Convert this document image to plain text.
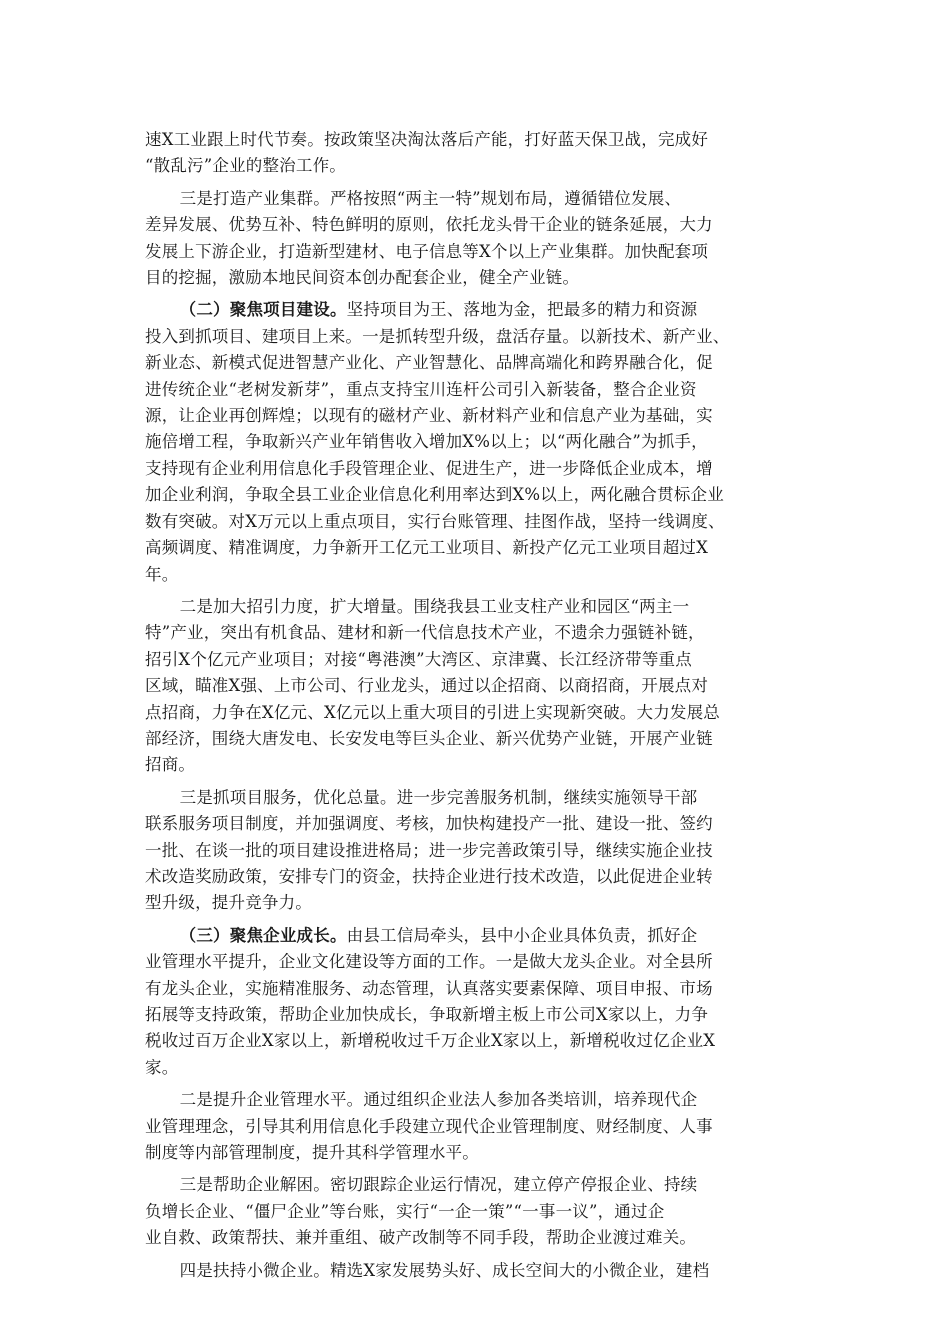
速X工业跟上时代节奏。按政策坚决淘汰落后产能，打好蓝天保卫战，完成好
“散乱污”企业的整治工作。

三是打造产业集群。严格按照“两主一特”规划布局，遵循错位发展、
差异发展、优势互补、特色鲜明的原则，依托龙头骨干企业的链条延展，大力
发展上下游企业，打造新型建材、电子信息等X个以上产业集群。加快配套项
目的挖掘，激励本地民间资本创办配套企业，健全产业链。

（二）聚焦项目建设。坚持项目为王、落地为金，把最多的精力和资源
投入到抓项目、建项目上来。一是抓转型升级，盘活存量。以新技术、新产业、
新业态、新模式促进智慧产业化、产业智慧化、品牌高端化和跨界融合化，促
进传统企业“老树发新芽”，重点支持宝川连杆公司引入新装备，整合企业资
源，让企业再创辉煌；以现有的磁材产业、新材料产业和信息产业为基础，实
施倍增工程，争取新兴产业年销售收入增加X%以上；以“两化融合”为抓手，
支持现有企业利用信息化手段管理企业、促进生产，进一步降低企业成本，增
加企业利润，争取全县工业企业信息化利用率达到X%以上，两化融合贯标企业
数有突破。对X万元以上重点项目，实行台账管理、挂图作战，坚持一线调度、
高频调度、精准调度，力争新开工亿元工业项目、新投产亿元工业项目超过X
年。

二是加大招引力度，扩大增量。围绕我县工业支柱产业和园区“两主一
特”产业，突出有机食品、建材和新一代信息技术产业，不遗余力强链补链，
招引X个亿元产业项目；对接“粤港澳”大湾区、京津冀、长江经济带等重点
区域，瞄准X强、上市公司、行业龙头，通过以企招商、以商招商，开展点对
点招商，力争在X亿元、X亿元以上重大项目的引进上实现新突破。大力发展总
部经济，围绕大唐发电、长安发电等巨头企业、新兴优势产业链，开展产业链
招商。

三是抓项目服务，优化总量。进一步完善服务机制，继续实施领导干部
联系服务项目制度，并加强调度、考核，加快构建投产一批、建设一批、签约
一批、在谈一批的项目建设推进格局；进一步完善政策引导，继续实施企业技
术改造奖励政策，安排专门的资金，扶持企业进行技术改造，以此促进企业转
型升级，提升竞争力。

（三）聚焦企业成长。由县工信局牵头，县中小企业具体负责，抓好企
业管理水平提升，企业文化建设等方面的工作。一是做大龙头企业。对全县所
有龙头企业，实施精准服务、动态管理，认真落实要素保障、项目申报、市场
拓展等支持政策，帮助企业加快成长，争取新增主板上市公司X家以上，力争
税收过百万企业X家以上，新增税收过千万企业X家以上，新增税收过亿企业X
家。

二是提升企业管理水平。通过组织企业法人参加各类培训，培养现代企
业管理理念，引导其利用信息化手段建立现代企业管理制度、财经制度、人事
制度等内部管理制度，提升其科学管理水平。

三是帮助企业解困。密切跟踪企业运行情况，建立停产停报企业、持续
负增长企业、“僵尸企业”等台账，实行“一企一策”“一事一议”，通过企
业自救、政策帮扶、兼并重组、破产改制等不同手段，帮助企业渡过难关。

四是扶持小微企业。精选X家发展势头好、成长空间大的小微企业，建档
